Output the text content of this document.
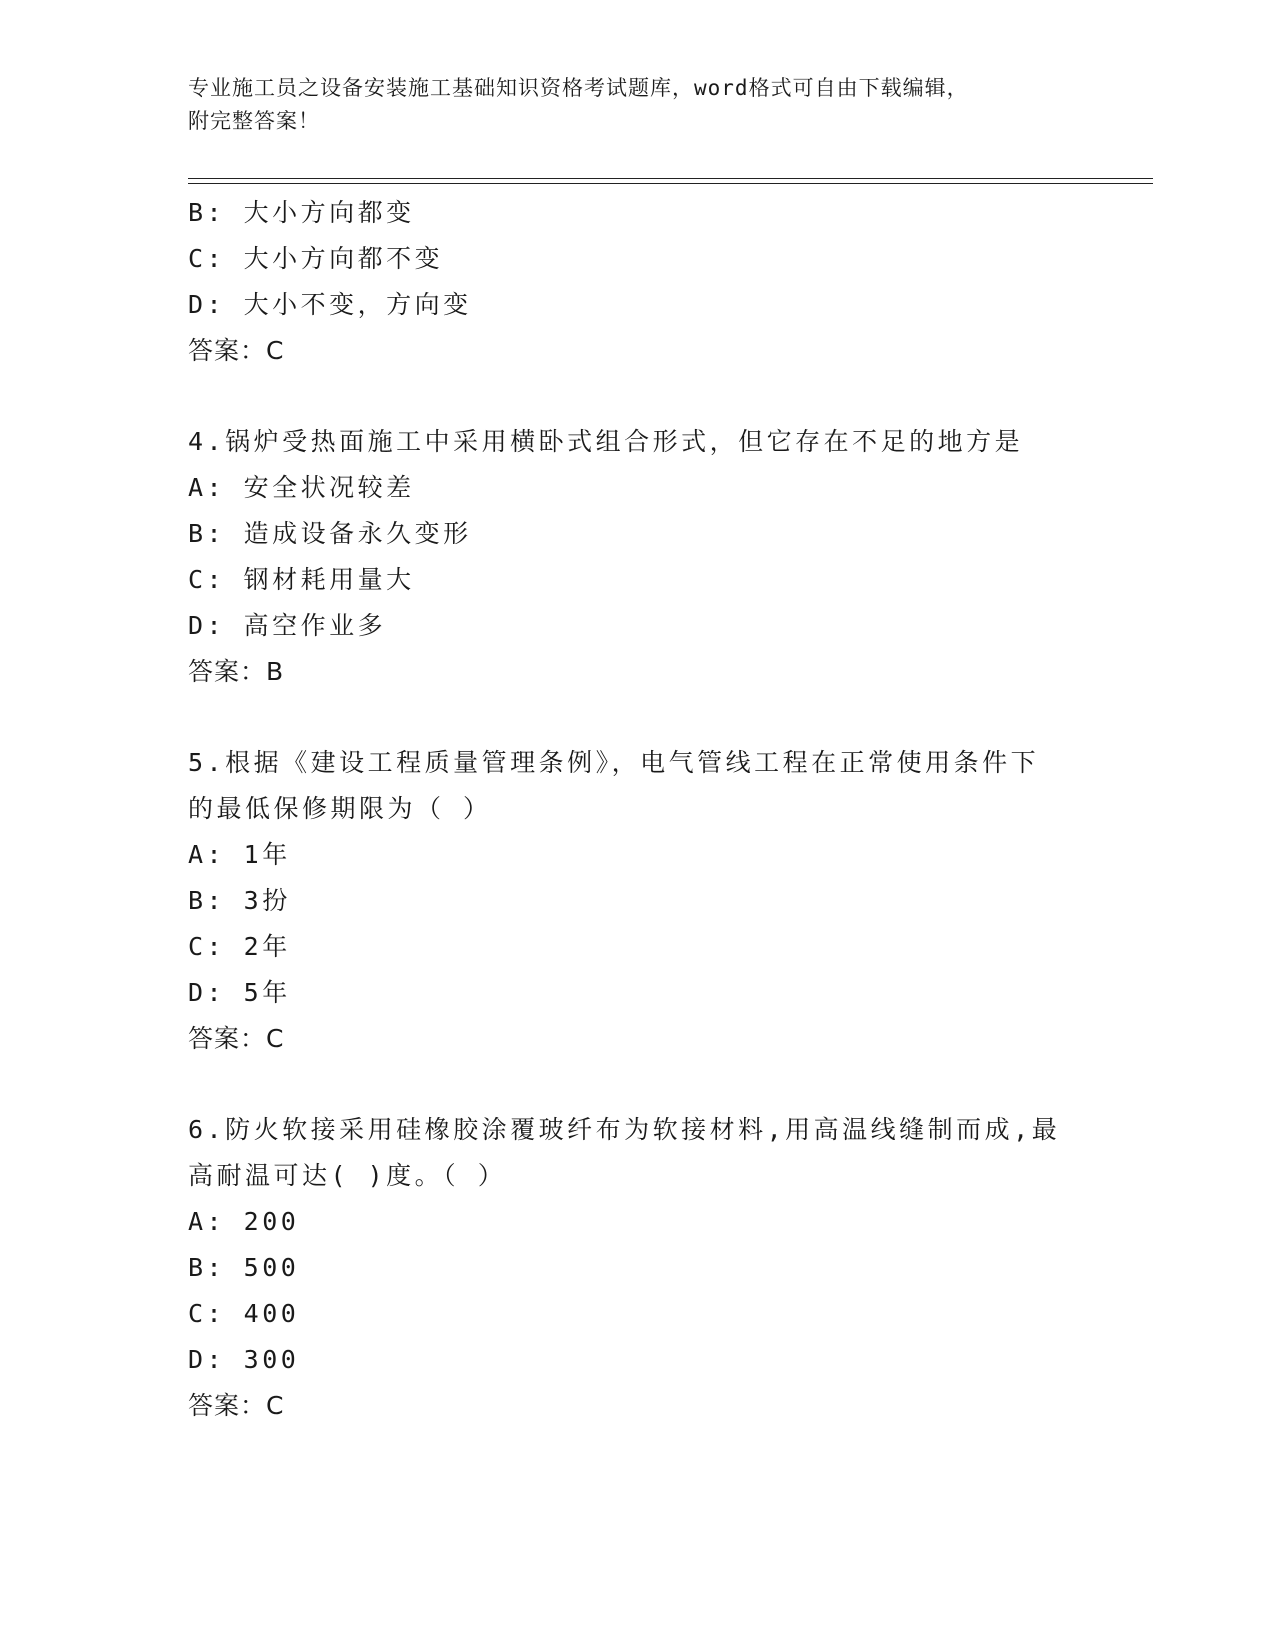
专业施工员之设备安装施工基础知识资格考试题库，word格式可自由下载编辑，
附完整答案！
B: 大小方向都变
C: 大小方向都不变
D: 大小不变，方向变
答案：C
4.锅炉受热面施工中采用横卧式组合形式，但它存在不足的地方是
A: 安全状况较差
B: 造成设备永久变形
C: 钢材耗用量大
D: 高空作业多
答案：B
5.根据《建设工程质量管理条例》，电气管线工程在正常使用条件下
的最低保修期限为（ ）
A: 1年
B: 3扮
C: 2年
D: 5年
答案：C
6.防火软接采用硅橡胶涂覆玻纤布为软接材料,用高温线缝制而成,最
高耐温可达( )度。（ ）
A: 200
B: 500
C: 400
D: 300
答案：C
